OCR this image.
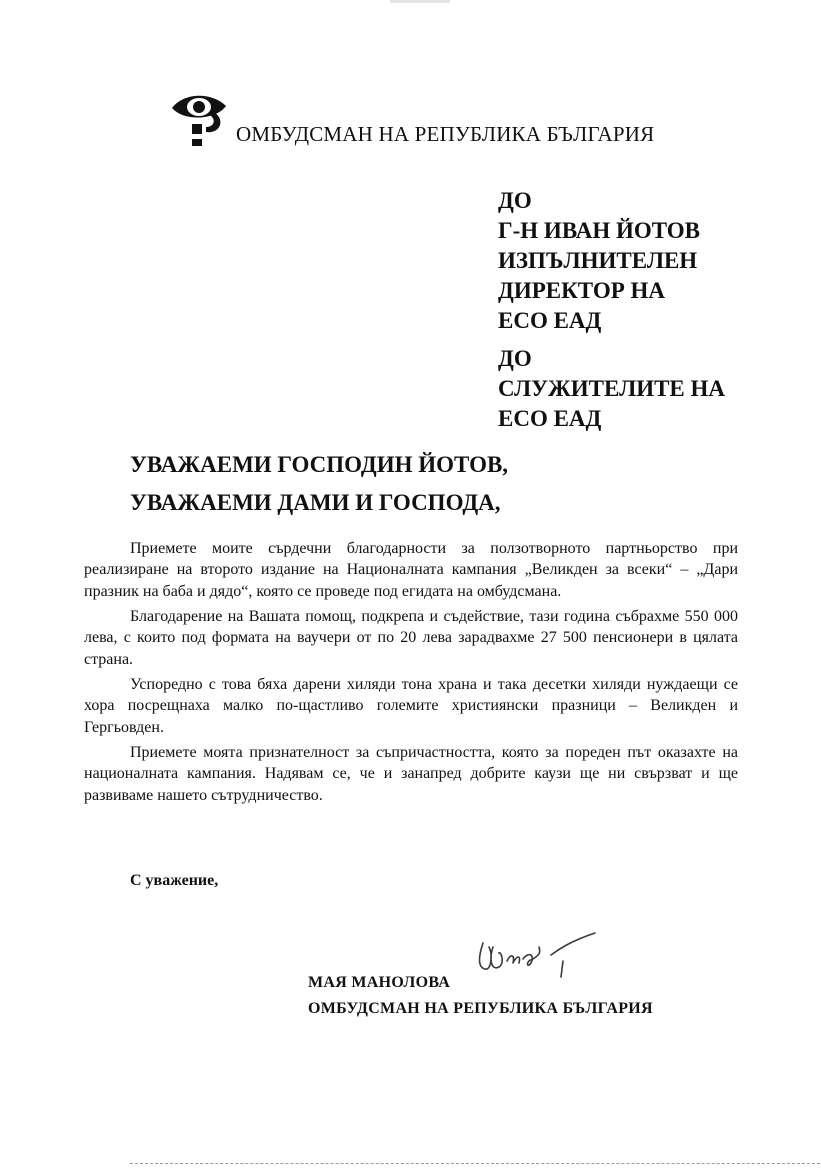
ОМБУДСМАН НА РЕПУБЛИКА БЪЛГАРИЯ
ДО
Г-Н ИВАН ЙОТОВ
ИЗПЪЛНИТЕЛЕН
ДИРЕКТОР НА
ЕСО ЕАД
ДО
СЛУЖИТЕЛИТЕ НА
ЕСО ЕАД
УВАЖАЕМИ ГОСПОДИН ЙОТОВ,
УВАЖАЕМИ ДАМИ И ГОСПОДА,

Приемете моите сърдечни благодарности за ползотворното партньорство при реализиране на второто издание на Националната кампания „Великден за всеки“ – „Дари празник на баба и дядо“, която се проведе под егидата на омбудсмана.

Благодарение на Вашата помощ, подкрепа и съдействие, тази година събрахме 550 000 лева, с които под формата на ваучери от по 20 лева зарадвахме 27 500 пенсионери в цялата страна.

Успоредно с това бяха дарени хиляди тона храна и така десетки хиляди нуждаещи се хора посрещнаха малко по-щастливо големите християнски празници – Великден и Гергьовден.

Приемете моята признателност за съпричастността, която за пореден път оказахте на националната кампания. Надявам се, че и занапред добрите каузи ще ни свързват и ще развиваме нашето сътрудничество.

С уважение,
МАЯ МАНОЛОВА
ОМБУДСМАН НА РЕПУБЛИКА БЪЛГАРИЯ
